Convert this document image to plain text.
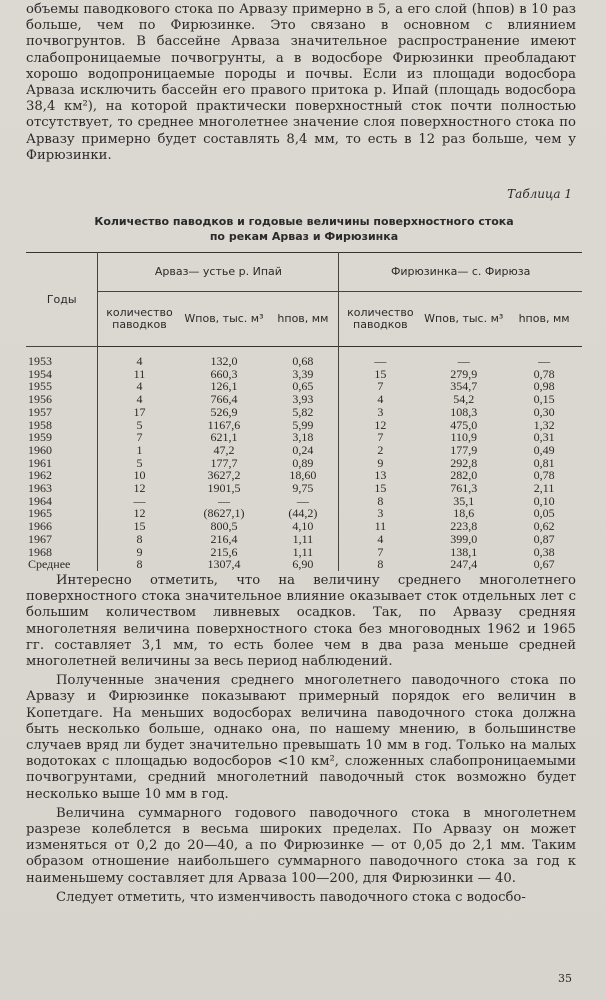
объемы паводкового стока по Арвазу примерно в 5, а его слой (hпов) в 10 раз больше, чем по Фирюзинке. Это связано в основном с влиянием почвогрунтов. В бассейне Арваза значительное распространение имеют слабопроницаемые почвогрунты, а в водосборе Фирюзинки преобладают хорошо водопроницаемые породы и почвы. Если из площади водосбора Арваза исключить бассейн его правого притока р. Ипай (площадь водосбора 38,4 км²), на которой практически поверхностный сток почти полностью отсутствует, то среднее многолетнее значение слоя поверхностного стока по Арвазу примерно будет составлять 8,4 мм, то есть в 12 раз больше, чем у Фирюзинки.

Таблица 1
Количество паводков и годовые величины поверхностного стока
по рекам Арваз и Фирюзинка
Годы	Арваз— устье р. Ипай			Фирюзинка— с. Фирюза		
	количество паводков	Wпов, тыс. м³	hпов, мм	количество паводков	Wпов, тыс. м³	hпов, мм
1953	4	132,0	0,68	—	—	—
1954	11	660,3	3,39	15	279,9	0,78
1955	4	126,1	0,65	7	354,7	0,98
1956	4	766,4	3,93	4	54,2	0,15
1957	17	526,9	5,82	3	108,3	0,30
1958	5	1167,6	5,99	12	475,0	1,32
1959	7	621,1	3,18	7	110,9	0,31
1960	1	47,2	0,24	2	177,9	0,49
1961	5	177,7	0,89	9	292,8	0,81
1962	10	3627,2	18,60	13	282,0	0,78
1963	12	1901,5	9,75	15	761,3	2,11
1964	—	—	—	8	35,1	0,10
1965	12	(8627,1)	(44,2)	3	18,6	0,05
1966	15	800,5	4,10	11	223,8	0,62
1967	8	216,4	1,11	4	399,0	0,87
1968	9	215,6	1,11	7	138,1	0,38
Среднее	8	1307,4	6,90	8	247,4	0,67

Интересно отметить, что на величину среднего многолетнего поверхностного стока значительное влияние оказывает сток отдельных лет с большим количеством ливневых осадков. Так, по Арвазу средняя многолетняя величина поверхностного стока без многоводных 1962 и 1965 гг. составляет 3,1 мм, то есть более чем в два раза меньше средней многолетней величины за весь период наблюдений.

Полученные значения среднего многолетнего паводочного стока по Арвазу и Фирюзинке показывают примерный порядок его величин в Копетдаге. На меньших водосборах величина паводочного стока должна быть несколько больше, однако она, по нашему мнению, в большинстве случаев вряд ли будет значительно превышать 10 мм в год. Только на малых водотоках с площадью водосборов <10 км², сложенных слабопроницаемыми почвогрунтами, средний многолетний паводочный сток возможно будет несколько выше 10 мм в год.

Величина суммарного годового паводочного стока в многолетнем разрезе колеблется в весьма широких пределах. По Арвазу он может изменяться от 0,2 до 20—40, а по Фирюзинке — от 0,05 до 2,1 мм. Таким образом отношение наибольшего суммарного паводочного стока за год к наименьшему составляет для Арваза 100—200, для Фирюзинки — 40.

Следует отметить, что изменчивость паводочного стока с водосбо-

35
